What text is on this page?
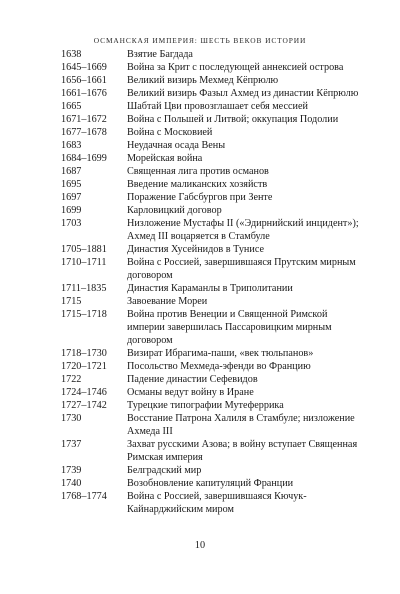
ОСМАНСКАЯ ИМПЕРИЯ: ШЕСТЬ ВЕКОВ ИСТОРИИ
1638	Взятие Багдада
1645–1669	Война за Крит с последующей аннексией острова
1656–1661	Великий визирь Мехмед Кёпрюлю
1661–1676	Великий визирь Фазыл Ахмед из династии Кёпрюлю
1665	Шабтай Цви провозглашает себя мессией
1671–1672	Война с Польшей и Литвой; оккупация Подолии
1677–1678	Война с Московией
1683	Неудачная осада Вены
1684–1699	Морейская война
1687	Священная лига против османов
1695	Введение маликанских хозяйств
1697	Поражение Габсбургов при Зенте
1699	Карловицкий договор
1703	Низложение Мустафы II («Эдирнийский инцидент»); Ахмед III воцаряется в Стамбуле
1705–1881	Династия Хусейнидов в Тунисе
1710–1711	Война с Россией, завершившаяся Прутским мирным договором
1711–1835	Династия Караманлы в Триполитании
1715	Завоевание Мореи
1715–1718	Война против Венеции и Священной Римской империи завершилась Пассаровицким мирным договором
1718–1730	Визират Ибрагима-паши, «век тюльпанов»
1720–1721	Посольство Мехмеда-эфенди во Францию
1722	Падение династии Сефевидов
1724–1746	Османы ведут войну в Иране
1727–1742	Турецкие типографии Мутеферрика
1730	Восстание Патрона Халиля в Стамбуле; низложение Ахмеда III
1737	Захват русскими Азова; в войну вступает Священная Римская империя
1739	Белградский мир
1740	Возобновление капитуляций Франции
1768–1774	Война с Россией, завершившаяся Кючук-Кайнарджийским миром
10
